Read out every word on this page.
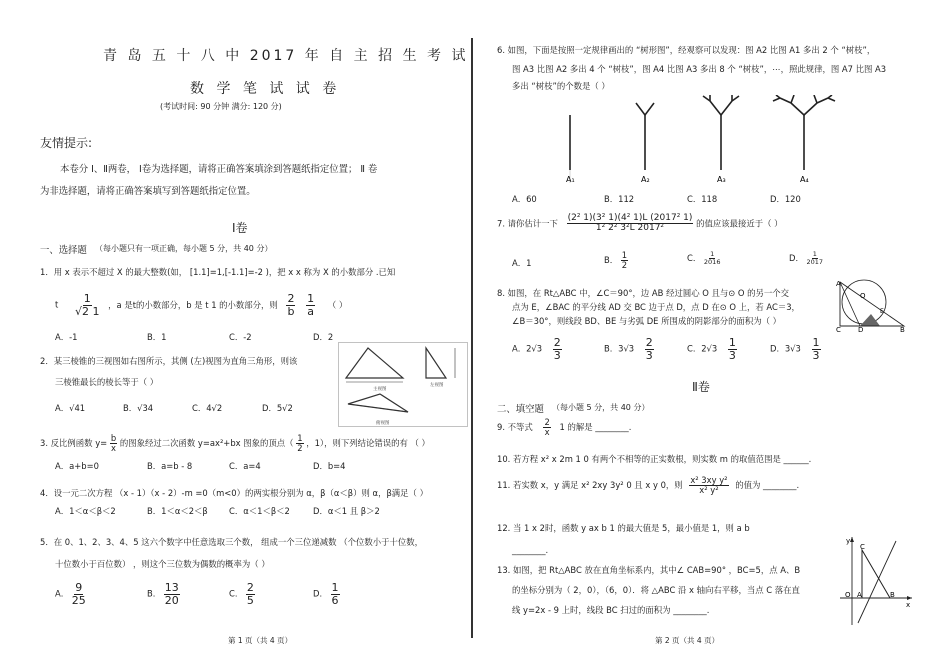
青 岛 五 十 八 中 2017 年 自 主 招 生 考 试
数 学 笔 试 试 卷
(考试时间: 90 分钟 满分: 120 分)
友情提示:
本卷分 Ⅰ、Ⅱ两卷， Ⅰ卷为选择题，请将正确答案填涂到答题纸指定位置； Ⅱ 卷
为非选择题，请将正确答案填写到答题纸指定位置。
Ⅰ卷
一、选择题 （每小题只有一项正确，每小题 5 分，共 40 分）
1．用 x 表示不超过 X 的最大整数(如， [1.1]=1,[-1.1]=-2 )，把 x x 称为 X 的小数部分 .已知
t $\frac{1}{√2 1}$ ，a 是t的小数部分，b 是 t 1 的小数部分，则 $\frac{2}{b}$
$\frac{1}{a}$ （ ）
A．-1	B．1	C．-2	D．2
2．某三棱锥的三视图如右图所示，其侧 (左)视图为直角三角形，则该
三棱锥最长的棱长等于（ ）
A．√41	B．√34	C．4√2	D．5√2
主视图
左视图
俯视图
3. 反比例函数 $y= \frac{b}{x}$ 的图象经过二次函数 y=ax²+bx 图象的顶点（ $\frac{1}{2}$ ，1），则下列结论错误的有 （ ）
A．a+b=0	B．a=b - 8	C．a=4	D．b=4
4．设一元二次方程 （x - 1）（x - 2）-m =0（m<0）的两实根分别为 α，β（α＜β）则 α，β满足（ ）
A．1＜α＜β＜2	B．1＜α＜2＜β	C．α＜1＜β＜2	D．α＜1 且 β＞2
5．在 0、1、2、3、4、5 这六个数字中任意选取三个数， 组成一个三位递减数 （个位数小于十位数，
十位数小于百位数） ，则这个三位数为偶数的概率为（ ）
A． $\frac{9}{25}$	B． $\frac{13}{20}$	C． $\frac{2}{5}$	D． $\frac{1}{6}$
第 1 页（共 4 页）
6. 如图，下面是按照一定规律画出的 “树形图”，经观察可以发现：图 A2 比图 A1 多出 2 个 “树枝”，
图 A3 比图 A2 多出 4 个 “树枝”，图 A4 比图 A3 多出 8 个 “树枝”，⋯，照此规律，图 A7 比图 A3
多出 “树枝”的个数是（ ）
A₁	A₂	A₃	A₄
A．60	B．112	C．118	D．120
7. 请你估计一下 $\frac{\text{(2² 1)(3² 1)(4² 1)L (2017² 1)}}{\text{1² 2² 3²L 2017²}}$ 的值应该最接近于（ ）
A．1	B． $\frac{1}{2}$	C． $\frac{1}{2016}$	D． $\frac{1}{2017}$
8. 如图，在 Rt△ABC 中，∠C＝90°，边 AB 经过圆心 O 且与⊙ O 的另一个交
点为 E，∠BAC 的平分线 AD 交 BC 边于点 D，点 D 在⊙ O 上，若 AC＝3，
∠B＝30°，则线段 BD、BE 与劣弧 DE 所围成的阴影部分的面积为（ ）
A
O
E
C D	B
A．$2√3 \frac{2}{3}$	B．$3√3 \frac{2}{3}$	C．$2√3 \frac{1}{3}$	D．$3√3 \frac{1}{3}$
Ⅱ卷
二、填空题 （每小题 5 分，共 40 分）
9. 不等式 $\frac{2}{x} 1$ 的解是 ________.
10. 若方程 x² x 2m 1 0 有两个不相等的正实数根，则实数 m 的取值范围是 ______.
11. 若实数 x，y 满足 x² 2xy 3y² 0 且 x y 0，则 $\frac{\text{x² 3xy y²}}{\text{x² y²}}$ 的值为 ________.
12. 当 1 x 2时，函数 y ax b 1 的最大值是 5，最小值是 1，则 a b
________.
13. 如图，把 Rt△ABC 放在直角坐标系内，其中∠ CAB=90° ，BC=5，点 A、B
的坐标分别为（ 2，0），（6，0）．将 △ABC 沿 x 轴向右平移，当点 C 落在直
线 y=2x - 9 上时，线段 BC 扫过的面积为 ________.
y
C
O A	B
x
第 2 页（共 4 页）
